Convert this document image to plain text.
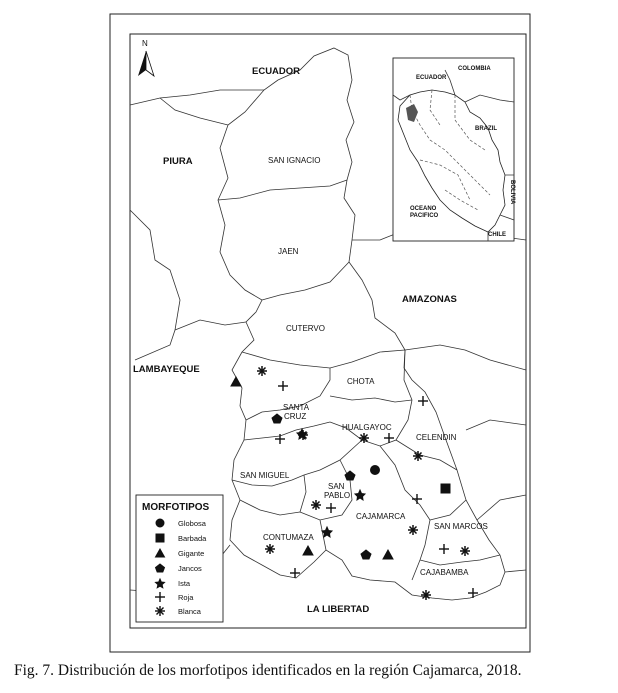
N
ECUADOR
COLOMBIA
BRAZIL
BOLIVIA
OCEANO
PACIFICO
CHILE
ECUADOR
PIURA
AMAZONAS
LAMBAYEQUE
LA LIBERTAD
SAN IGNACIO
JAEN
CUTERVO
CHOTA
SANTA
CRUZ
HUALGAYOC
CELENDIN
SAN MIGUEL
SAN
PABLO
CAJAMARCA
SAN MARCOS
CONTUMAZA
CAJABAMBA
MORFOTIPOS
Globosa
Barbada
Gigante
Jancos
Ista
Roja
Blanca
Fig. 7. Distribución de los morfotipos identificados en la región Cajamarca, 2018.
